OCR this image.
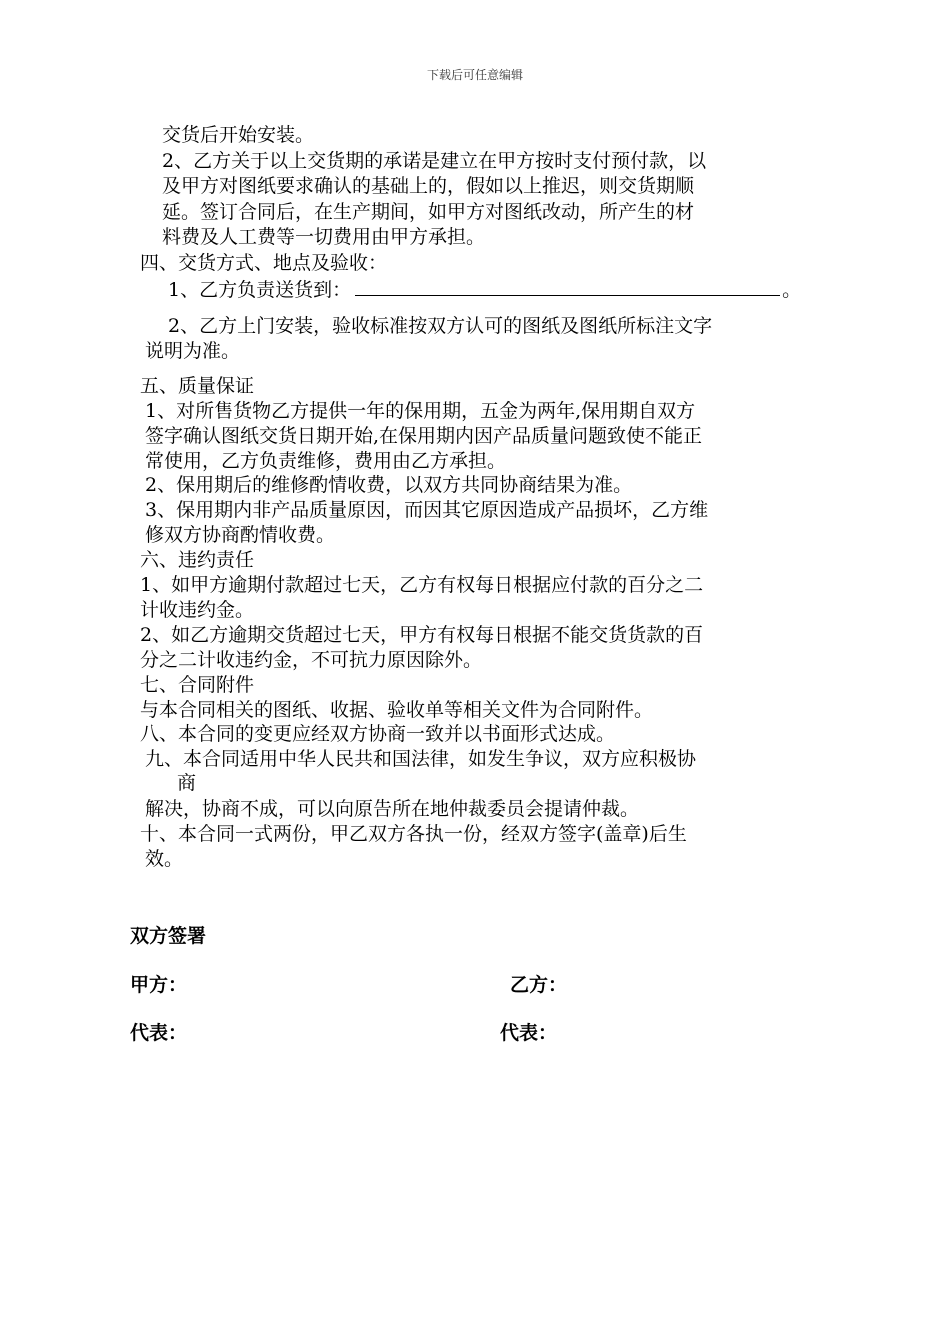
下载后可任意编辑
交货后开始安装。
2、乙方关于以上交货期的承诺是建立在甲方按时支付预付款，以
及甲方对图纸要求确认的基础上的，假如以上推迟，则交货期顺
延。签订合同后，在生产期间，如甲方对图纸改动，所产生的材
料费及人工费等一切费用由甲方承担。
四、交货方式、地点及验收：
1、乙方负责送货到：	。
2、乙方上门安装，验收标准按双方认可的图纸及图纸所标注文字
说明为准。
五、质量保证
1、对所售货物乙方提供一年的保用期，五金为两年,保用期自双方
签字确认图纸交货日期开始,在保用期内因产品质量问题致使不能正
常使用，乙方负责维修，费用由乙方承担。
2、保用期后的维修酌情收费，以双方共同协商结果为准。
3、保用期内非产品质量原因，而因其它原因造成产品损坏，乙方维
修双方协商酌情收费。
六、违约责任
1、如甲方逾期付款超过七天，乙方有权每日根据应付款的百分之二
计收违约金。
2、如乙方逾期交货超过七天，甲方有权每日根据不能交货货款的百
分之二计收违约金，不可抗力原因除外。
七、合同附件
与本合同相关的图纸、收据、验收单等相关文件为合同附件。
八、本合同的变更应经双方协商一致并以书面形式达成。
九、本合同适用中华人民共和国法律，如发生争议，双方应积极协
商
解决，协商不成，可以向原告所在地仲裁委员会提请仲裁。
十、本合同一式两份，甲乙双方各执一份，经双方签字(盖章)后生
效。
双方签署
甲方：	乙方：
代表：	代表：
